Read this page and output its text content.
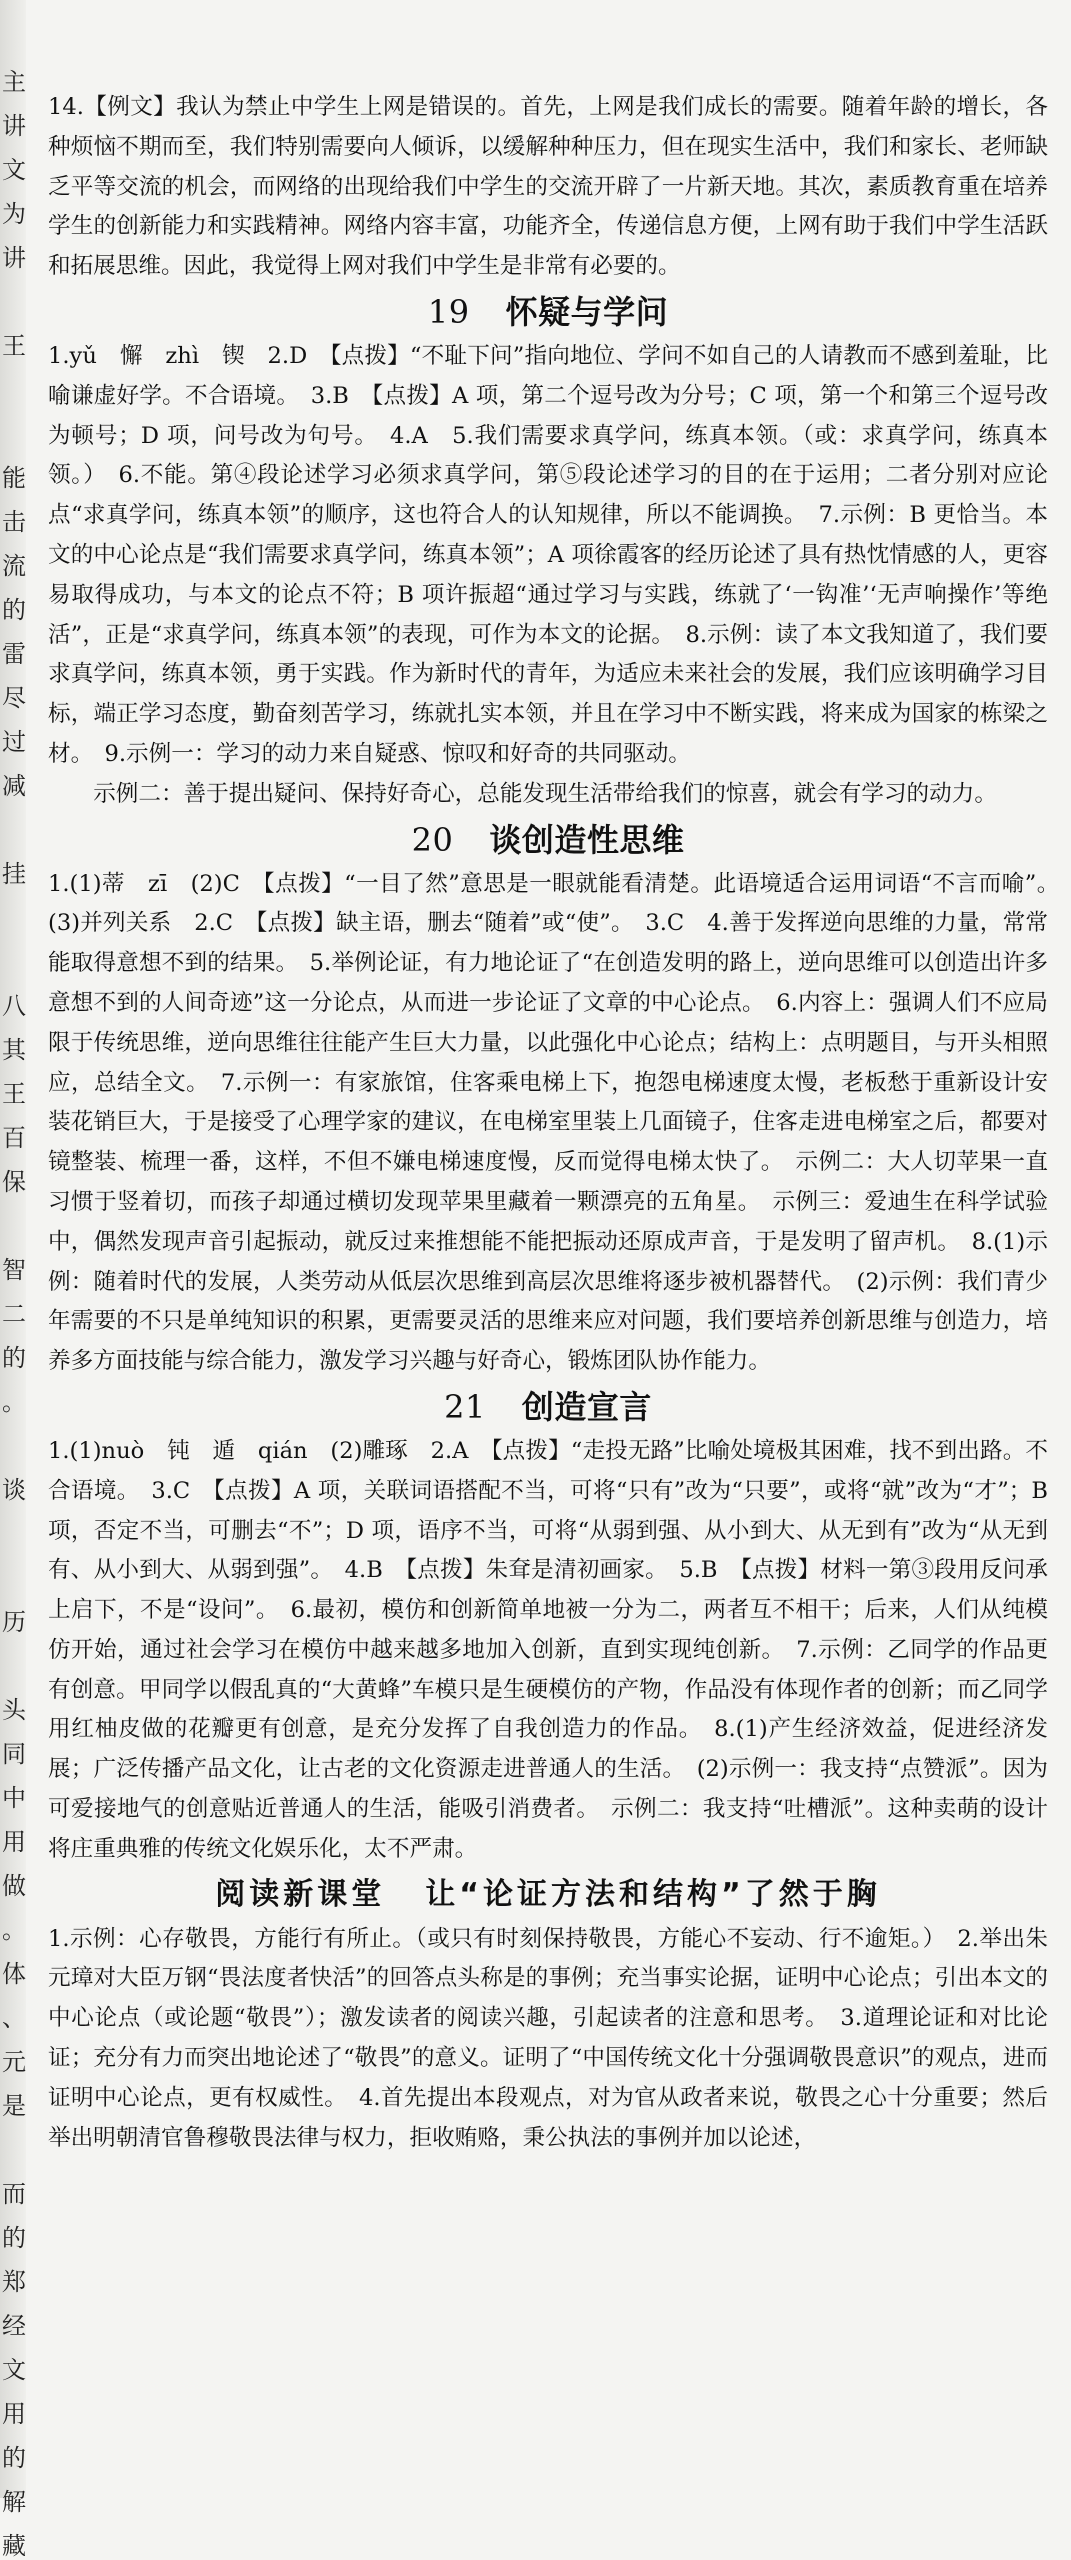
主
讲
文
为
讲
王
能
击
流
的
雷
尽
过
减
挂
八
其
王
百
保
智
二
的
。
谈
历
头
同
中
用
做
。
体
、
元
是
而
的
郑
经
文
用
的
解
藏

14.【例文】我认为禁止中学生上网是错误的。首先，上网是我们成长的需要。随着年龄的增长，各种烦恼不期而至，我们特别需要向人倾诉，以缓解种种压力，但在现实生活中，我们和家长、老师缺乏平等交流的机会，而网络的出现给我们中学生的交流开辟了一片新天地。其次，素质教育重在培养学生的创新能力和实践精神。网络内容丰富，功能齐全，传递信息方便，上网有助于我们中学生活跃和拓展思维。因此，我觉得上网对我们中学生是非常有必要的。

19 怀疑与学问

1.yǔ　懈　zhì　锲　2.D　【点拨】“不耻下问”指向地位、学问不如自己的人请教而不感到羞耻，比喻谦虚好学。不合语境。　3.B　【点拨】A 项，第二个逗号改为分号；C 项，第一个和第三个逗号改为顿号；D 项，问号改为句号。　4.A　5.我们需要求真学问，练真本领。（或：求真学问，练真本领。）　6.不能。第④段论述学习必须求真学问，第⑤段论述学习的目的在于运用；二者分别对应论点“求真学问，练真本领”的顺序，这也符合人的认知规律，所以不能调换。　7.示例：B 更恰当。本文的中心论点是“我们需要求真学问，练真本领”；A 项徐霞客的经历论述了具有热忱情感的人，更容易取得成功，与本文的论点不符；B 项许振超“通过学习与实践，练就了‘一钩准’‘无声响操作’等绝活”，正是“求真学问，练真本领”的表现，可作为本文的论据。　8.示例：读了本文我知道了，我们要求真学问，练真本领，勇于实践。作为新时代的青年，为适应未来社会的发展，我们应该明确学习目标，端正学习态度，勤奋刻苦学习，练就扎实本领，并且在学习中不断实践，将来成为国家的栋梁之材。　9.示例一：学习的动力来自疑惑、惊叹和好奇的共同驱动。

示例二：善于提出疑问、保持好奇心，总能发现生活带给我们的惊喜，就会有学习的动力。

20 谈创造性思维

1.(1)蒂　zī　(2)C　【点拨】“一目了然”意思是一眼就能看清楚。此语境适合运用词语“不言而喻”。　(3)并列关系　2.C　【点拨】缺主语，删去“随着”或“使”。　3.C　4.善于发挥逆向思维的力量，常常能取得意想不到的结果。　5.举例论证，有力地论证了“在创造发明的路上，逆向思维可以创造出许多意想不到的人间奇迹”这一分论点，从而进一步论证了文章的中心论点。　6.内容上：强调人们不应局限于传统思维，逆向思维往往能产生巨大力量，以此强化中心论点；结构上：点明题目，与开头相照应，总结全文。　7.示例一：有家旅馆，住客乘电梯上下，抱怨电梯速度太慢，老板愁于重新设计安装花销巨大，于是接受了心理学家的建议，在电梯室里装上几面镜子，住客走进电梯室之后，都要对镜整装、梳理一番，这样，不但不嫌电梯速度慢，反而觉得电梯太快了。　示例二：大人切苹果一直习惯于竖着切，而孩子却通过横切发现苹果里藏着一颗漂亮的五角星。　示例三：爱迪生在科学试验中，偶然发现声音引起振动，就反过来推想能不能把振动还原成声音，于是发明了留声机。　8.(1)示例：随着时代的发展，人类劳动从低层次思维到高层次思维将逐步被机器替代。　(2)示例：我们青少年需要的不只是单纯知识的积累，更需要灵活的思维来应对问题，我们要培养创新思维与创造力，培养多方面技能与综合能力，激发学习兴趣与好奇心，锻炼团队协作能力。

21 创造宣言

1.(1)nuò　钝　遁　qián　(2)雕琢　2.A　【点拨】“走投无路”比喻处境极其困难，找不到出路。不合语境。　3.C　【点拨】A 项，关联词语搭配不当，可将“只有”改为“只要”，或将“就”改为“才”；B 项，否定不当，可删去“不”；D 项，语序不当，可将“从弱到强、从小到大、从无到有”改为“从无到有、从小到大、从弱到强”。　4.B　【点拨】朱耷是清初画家。　5.B　【点拨】材料一第③段用反问承上启下，不是“设问”。　6.最初，模仿和创新简单地被一分为二，两者互不相干；后来，人们从纯模仿开始，通过社会学习在模仿中越来越多地加入创新，直到实现纯创新。　7.示例：乙同学的作品更有创意。甲同学以假乱真的“大黄蜂”车模只是生硬模仿的产物，作品没有体现作者的创新；而乙同学用红柚皮做的花瓣更有创意，是充分发挥了自我创造力的作品。　8.(1)产生经济效益，促进经济发展；广泛传播产品文化，让古老的文化资源走进普通人的生活。　(2)示例一：我支持“点赞派”。因为可爱接地气的创意贴近普通人的生活，能吸引消费者。　示例二：我支持“吐槽派”。这种卖萌的设计将庄重典雅的传统文化娱乐化，太不严肃。

阅读新课堂 让“论证方法和结构”了然于胸

1.示例：心存敬畏，方能行有所止。（或只有时刻保持敬畏，方能心不妄动、行不逾矩。）　2.举出朱元璋对大臣万钢“畏法度者快活”的回答点头称是的事例；充当事实论据，证明中心论点；引出本文的中心论点（或论题“敬畏”）；激发读者的阅读兴趣，引起读者的注意和思考。　3.道理论证和对比论证；充分有力而突出地论述了“敬畏”的意义。证明了“中国传统文化十分强调敬畏意识”的观点，进而证明中心论点，更有权威性。　4.首先提出本段观点，对为官从政者来说，敬畏之心十分重要；然后举出明朝清官鲁穆敬畏法律与权力，拒收贿赂，秉公执法的事例并加以论述，
